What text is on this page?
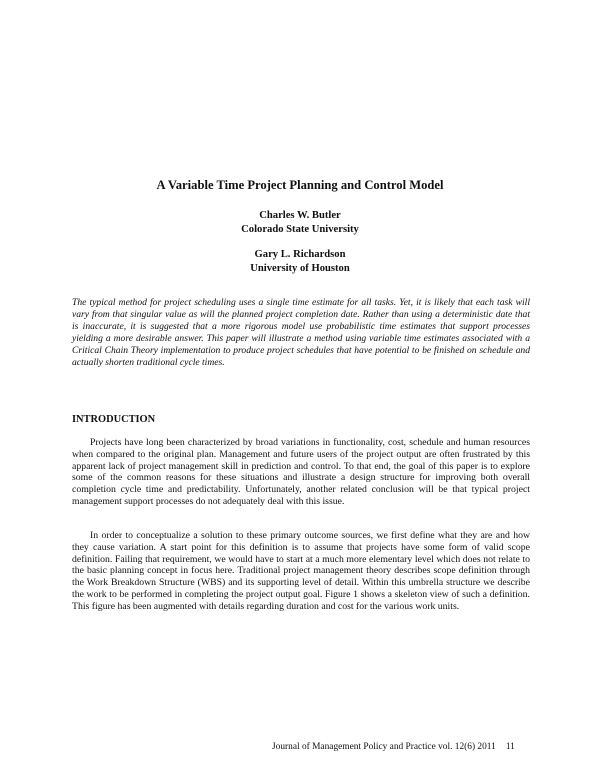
A Variable Time Project Planning and Control Model
Charles W. Butler
Colorado State University
Gary L. Richardson
University of Houston

The typical method for project scheduling uses a single time estimate for all tasks. Yet, it is likely that each task will vary from that singular value as will the planned project completion date. Rather than using a deterministic date that is inaccurate, it is suggested that a more rigorous model use probabilistic time estimates that support processes yielding a more desirable answer. This paper will illustrate a method using variable time estimates associated with a Critical Chain Theory implementation to produce project schedules that have potential to be finished on schedule and actually shorten traditional cycle times.

INTRODUCTION

Projects have long been characterized by broad variations in functionality, cost, schedule and human resources when compared to the original plan. Management and future users of the project output are often frustrated by this apparent lack of project management skill in prediction and control. To that end, the goal of this paper is to explore some of the common reasons for these situations and illustrate a design structure for improving both overall completion cycle time and predictability. Unfortunately, another related conclusion will be that typical project management support processes do not adequately deal with this issue.

In order to conceptualize a solution to these primary outcome sources, we first define what they are and how they cause variation. A start point for this definition is to assume that projects have some form of valid scope definition. Failing that requirement, we would have to start at a much more elementary level which does not relate to the basic planning concept in focus here. Traditional project management theory describes scope definition through the Work Breakdown Structure (WBS) and its supporting level of detail. Within this umbrella structure we describe the work to be performed in completing the project output goal. Figure 1 shows a skeleton view of such a definition. This figure has been augmented with details regarding duration and cost for the various work units.

Journal of Management Policy and Practice vol. 12(6) 2011 11
